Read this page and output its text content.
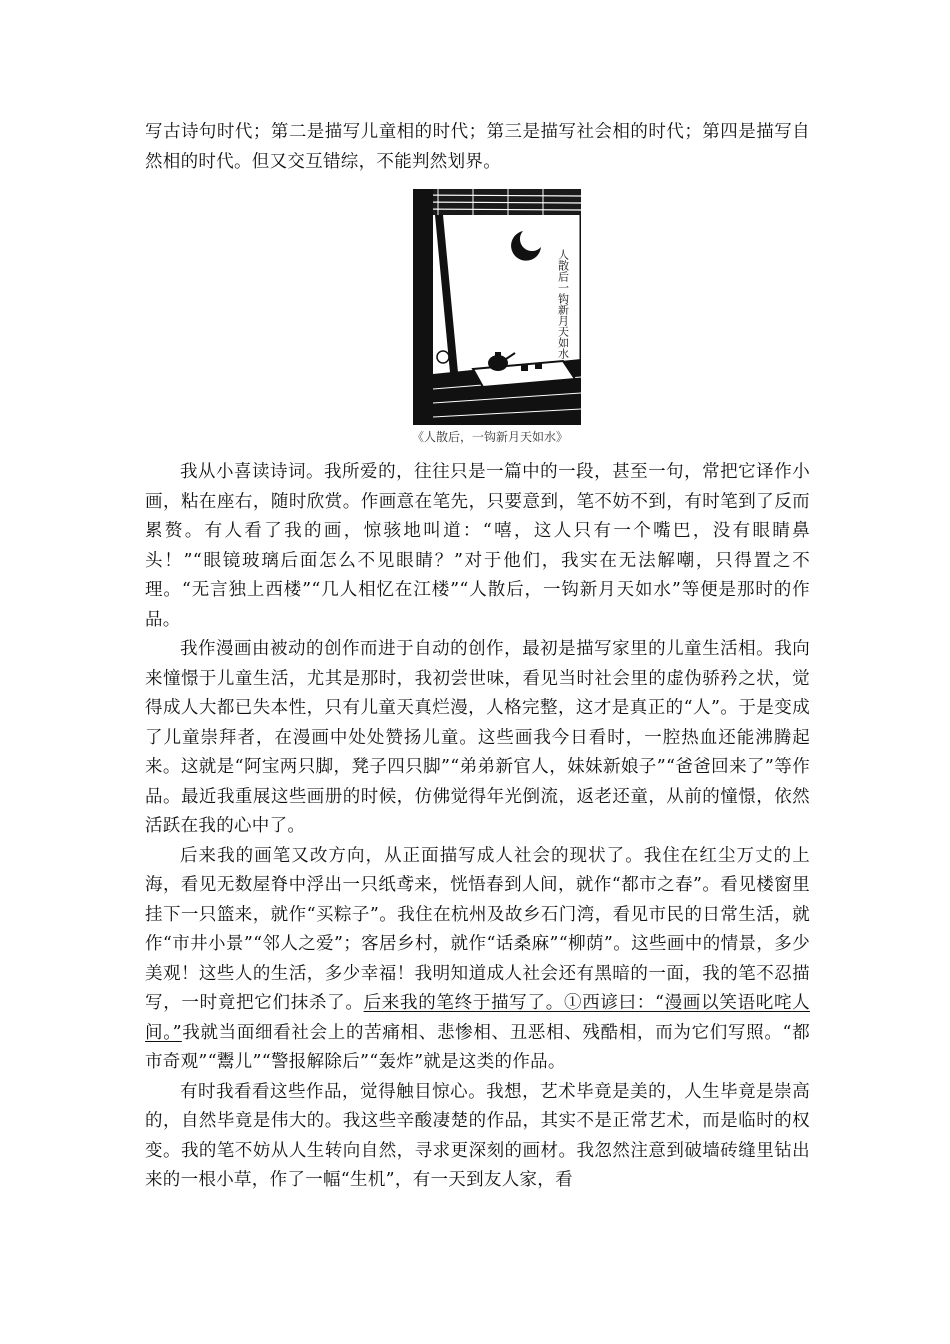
写古诗句时代；第二是描写儿童相的时代；第三是描写社会相的时代；第四是描写自然相的时代。但又交互错综，不能判然划界。
人散后一钩新月天如水
《人散后，一钩新月天如水》

我从小喜读诗词。我所爱的，往往只是一篇中的一段，甚至一句，常把它译作小画，粘在座右，随时欣赏。作画意在笔先，只要意到，笔不妨不到，有时笔到了反而累赘。有人看了我的画，惊骇地叫道：“嘻，这人只有一个嘴巴，没有眼睛鼻头！”“眼镜玻璃后面怎么不见眼睛？”对于他们，我实在无法解嘲，只得置之不理。“无言独上西楼”“几人相忆在江楼”“人散后，一钩新月天如水”等便是那时的作品。

我作漫画由被动的创作而进于自动的创作，最初是描写家里的儿童生活相。我向来憧憬于儿童生活，尤其是那时，我初尝世味，看见当时社会里的虚伪骄矜之状，觉得成人大都已失本性，只有儿童天真烂漫，人格完整，这才是真正的“人”。于是变成了儿童崇拜者，在漫画中处处赞扬儿童。这些画我今日看时，一腔热血还能沸腾起来。这就是“阿宝两只脚，凳子四只脚”“弟弟新官人，妹妹新娘子”“爸爸回来了”等作品。最近我重展这些画册的时候，仿佛觉得年光倒流，返老还童，从前的憧憬，依然活跃在我的心中了。

后来我的画笔又改方向，从正面描写成人社会的现状了。我住在红尘万丈的上海，看见无数屋脊中浮出一只纸鸢来，恍悟春到人间，就作“都市之春”。看见楼窗里挂下一只篮来，就作“买粽子”。我住在杭州及故乡石门湾，看见市民的日常生活，就作“市井小景”“邻人之爱”；客居乡村，就作“话桑麻”“柳荫”。这些画中的情景，多少美观！这些人的生活，多少幸福！我明知道成人社会还有黑暗的一面，我的笔不忍描写，一时竟把它们抹杀了。后来我的笔终于描写了。①西谚曰：“漫画以笑语叱咤人间。”我就当面细看社会上的苦痛相、悲惨相、丑恶相、残酷相，而为它们写照。“都市奇观”“鬻儿”“警报解除后”“轰炸”就是这类的作品。

有时我看看这些作品，觉得触目惊心。我想，艺术毕竟是美的，人生毕竟是崇高的，自然毕竟是伟大的。我这些辛酸凄楚的作品，其实不是正常艺术，而是临时的权变。我的笔不妨从人生转向自然，寻求更深刻的画材。我忽然注意到破墙砖缝里钻出来的一根小草，作了一幅“生机”，有一天到友人家，看
